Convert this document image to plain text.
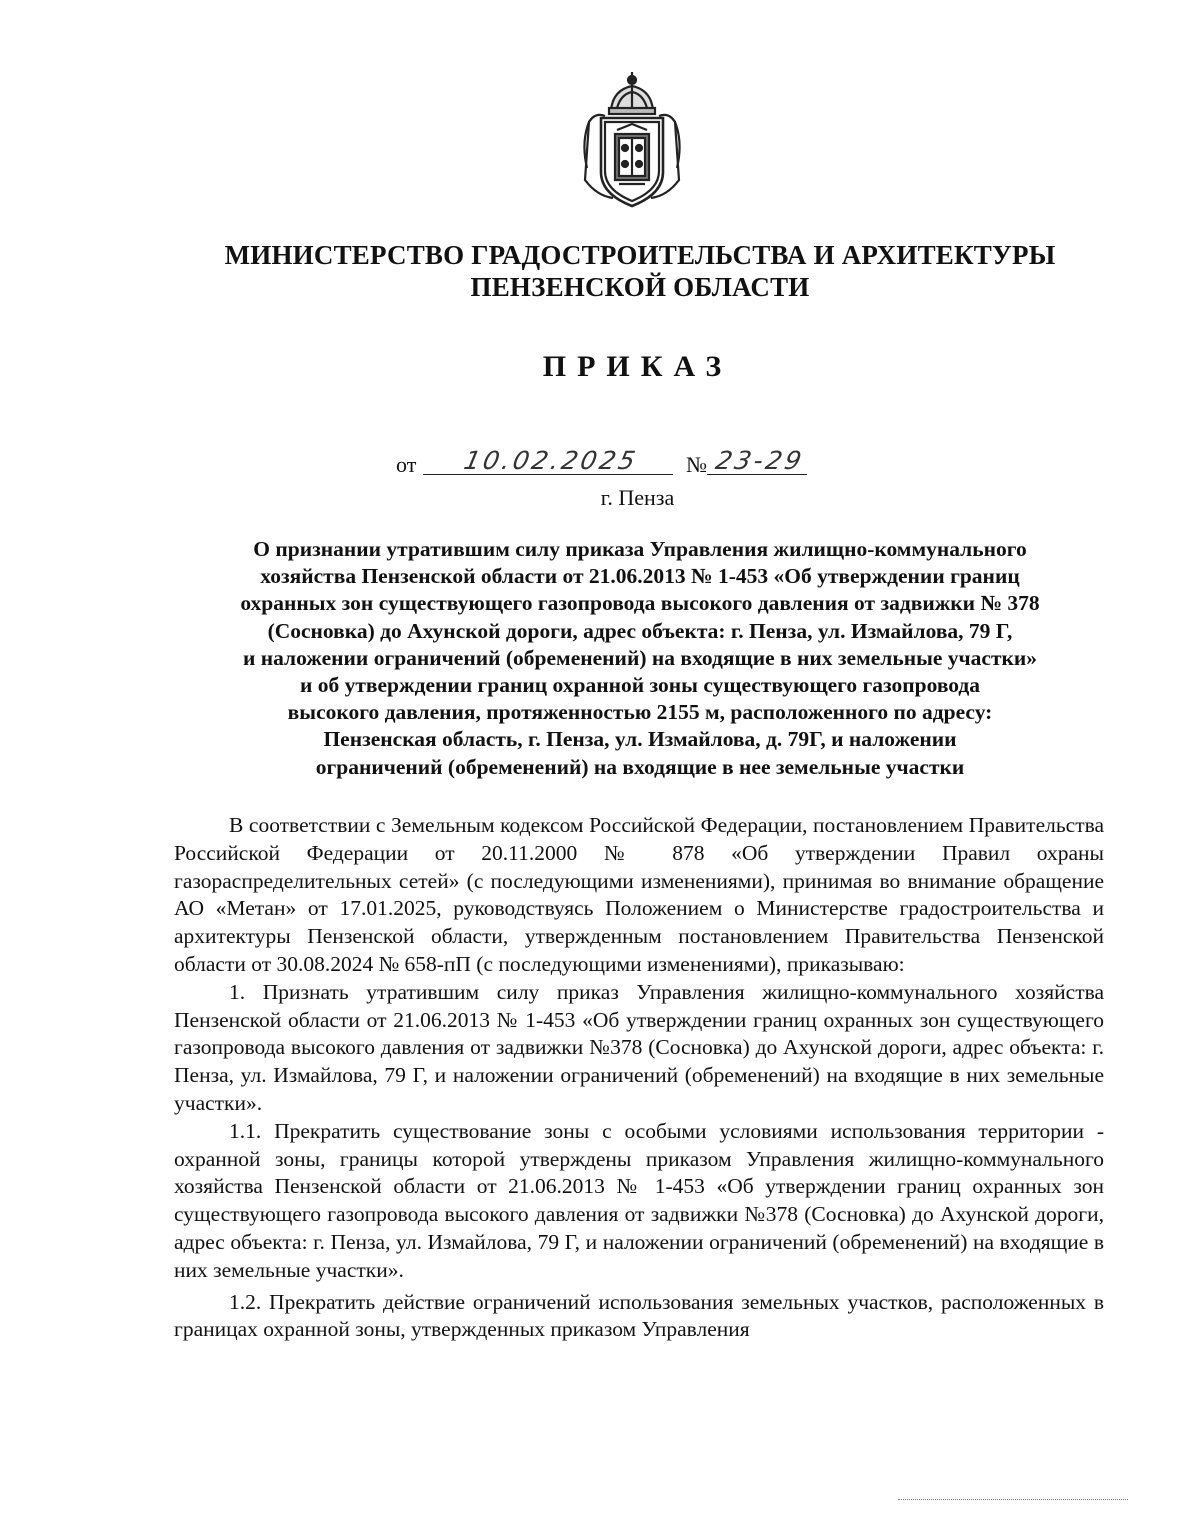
МИНИСТЕРСТВО ГРАДОСТРОИТЕЛЬСТВА И АРХИТЕКТУРЫ
ПЕНЗЕНСКОЙ ОБЛАСТИ
ПРИКАЗ
от	10.02.2025	№ 23-29
г. Пенза
О признании утратившим силу приказа Управления жилищно-коммунального
хозяйства Пензенской области от 21.06.2013 № 1-453 «Об утверждении границ
охранных зон существующего газопровода высокого давления от задвижки № 378
(Сосновка) до Ахунской дороги, адрес объекта: г. Пенза, ул. Измайлова, 79 Г,
и наложении ограничений (обременений) на входящие в них земельные участки»
и об утверждении границ охранной зоны существующего газопровода
высокого давления, протяженностью 2155 м, расположенного по адресу:
Пензенская область, г. Пенза, ул. Измайлова, д. 79Г, и наложении
ограничений (обременений) на входящие в нее земельные участки

В соответствии с Земельным кодексом Российской Федерации, постановлением Правительства Российской Федерации от 20.11.2000 № 878 «Об утверждении Правил охраны газораспределительных сетей» (с последующими изменениями), принимая во внимание обращение АО «Метан» от 17.01.2025, руководствуясь Положением о Министерстве градостроительства и архитектуры Пензенской области, утвержденным постановлением Правительства Пензенской области от 30.08.2024 № 658-пП (с последующими изменениями), приказываю:

1. Признать утратившим силу приказ Управления жилищно-коммунального хозяйства Пензенской области от 21.06.2013 № 1-453 «Об утверждении границ охранных зон существующего газопровода высокого давления от задвижки №378 (Сосновка) до Ахунской дороги, адрес объекта: г. Пенза, ул. Измайлова, 79 Г, и наложении ограничений (обременений) на входящие в них земельные участки».

1.1. Прекратить существование зоны с особыми условиями использования территории - охранной зоны, границы которой утверждены приказом Управления жилищно-коммунального хозяйства Пензенской области от 21.06.2013 № 1-453 «Об утверждении границ охранных зон существующего газопровода высокого давления от задвижки №378 (Сосновка) до Ахунской дороги, адрес объекта: г. Пенза, ул. Измайлова, 79 Г, и наложении ограничений (обременений) на входящие в них земельные участки».

1.2. Прекратить действие ограничений использования земельных участков, расположенных в границах охранной зоны, утвержденных приказом Управления
